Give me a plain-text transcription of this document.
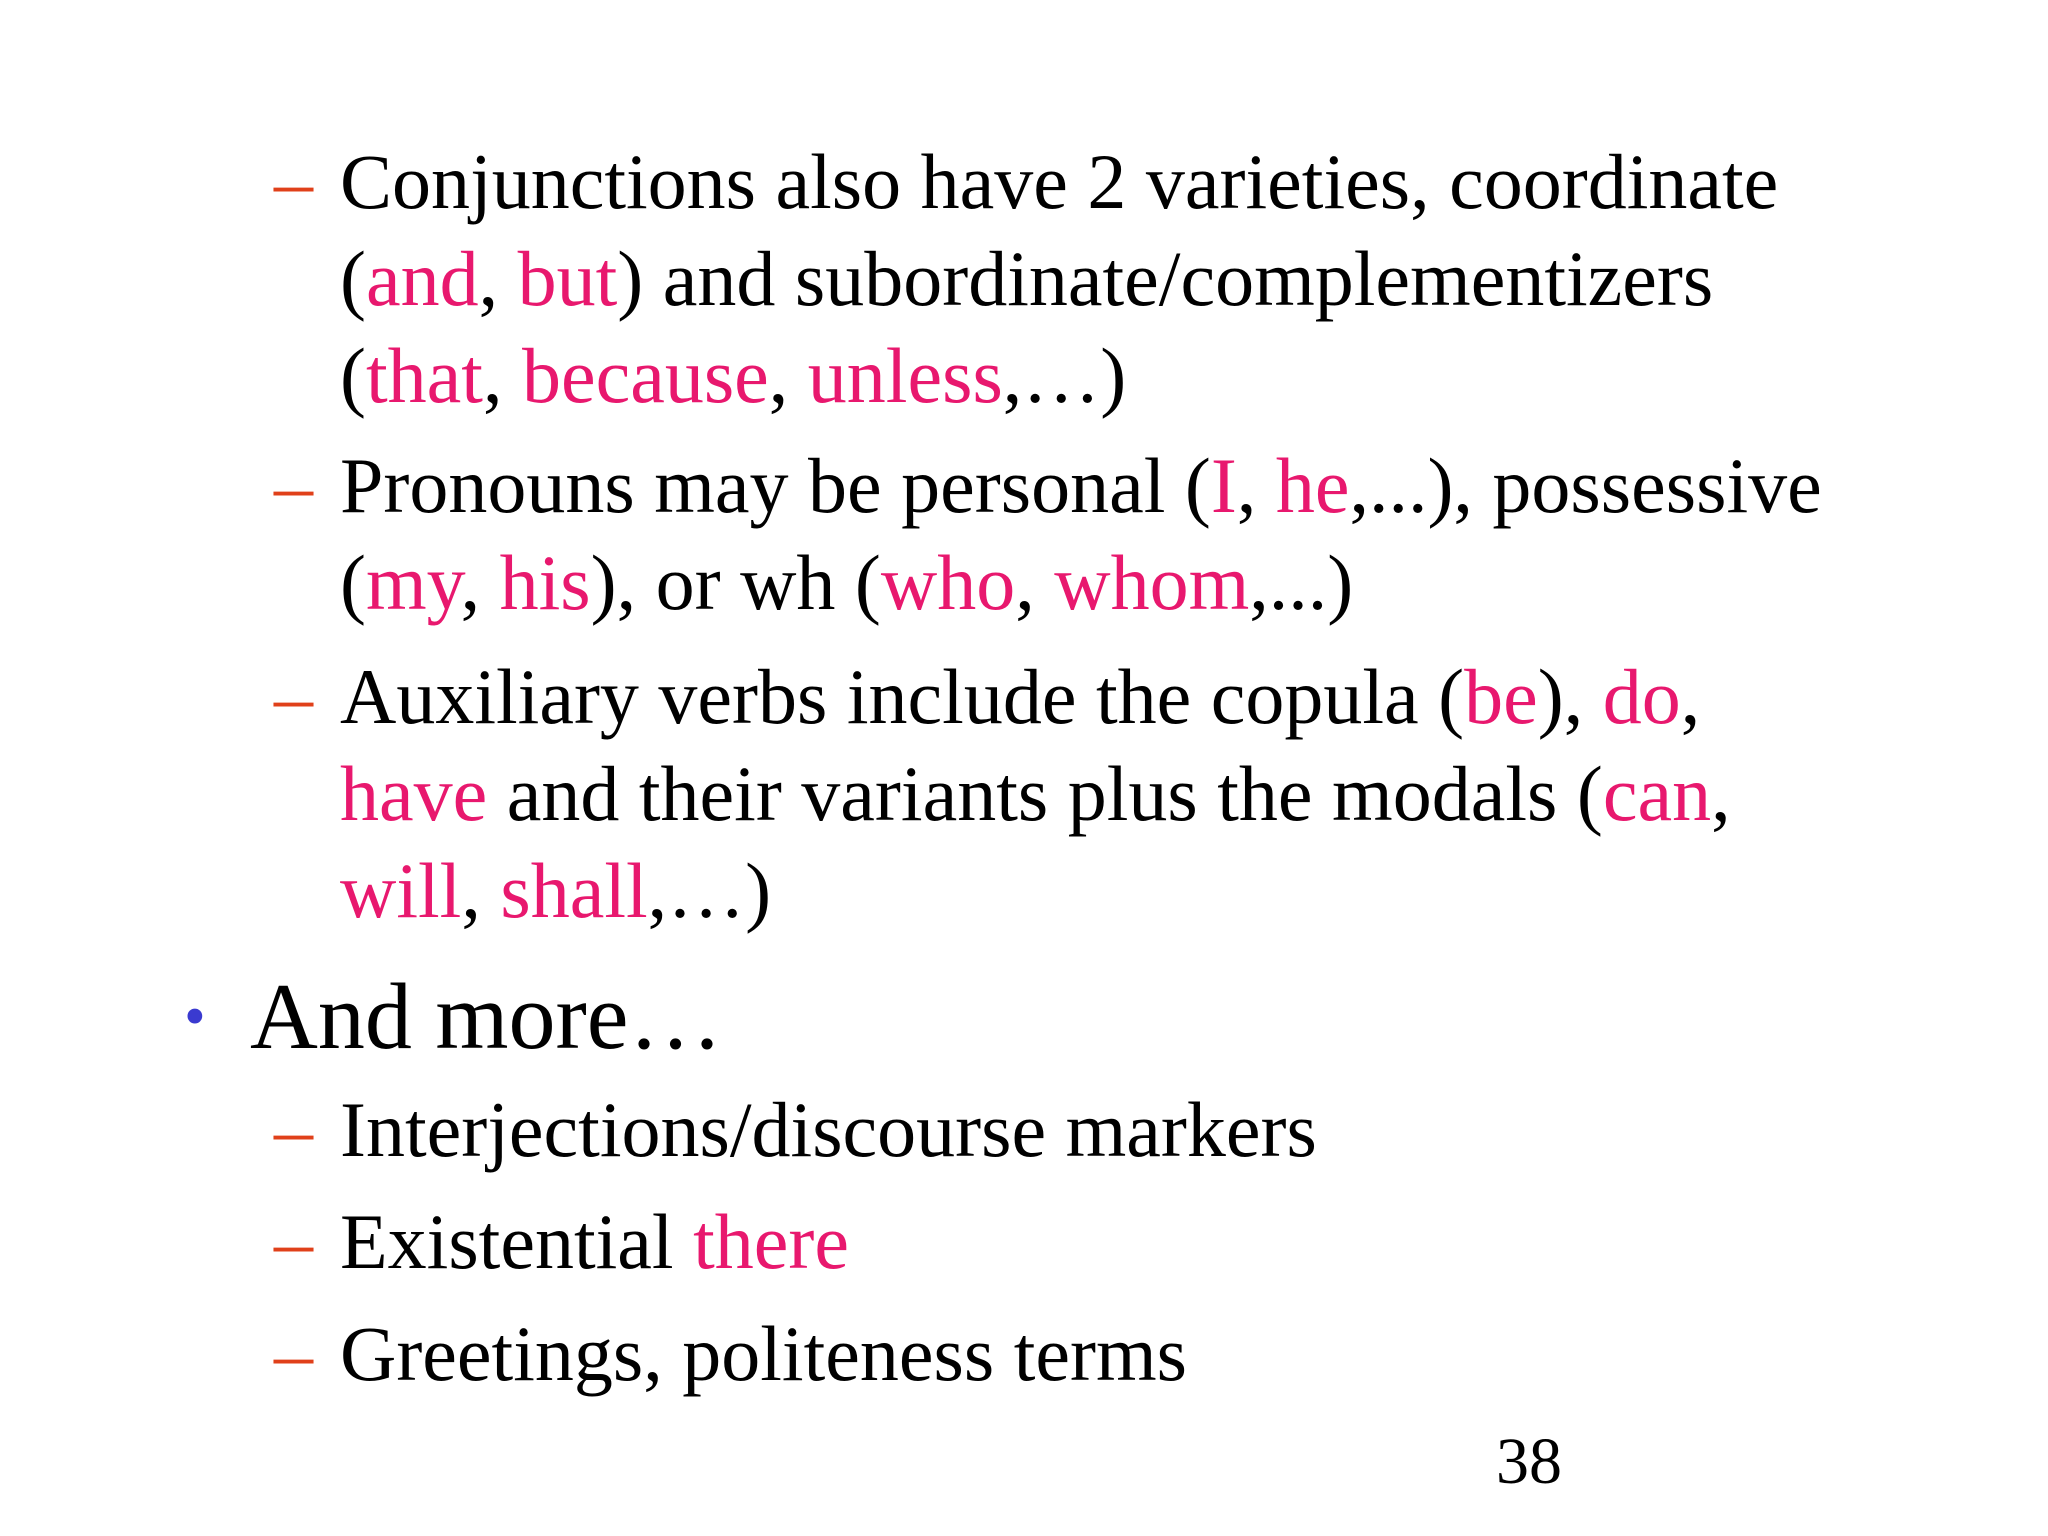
– Conjunctions also have 2 varieties, coordinate
(and, but) and subordinate/complementizers
(that, because, unless,…)
– Pronouns may be personal (I, he,...), possessive
(my, his), or wh (who, whom,...)
– Auxiliary verbs include the copula (be), do,
have and their variants plus the modals (can,
will, shall,…)
• And more…
– Interjections/discourse markers
– Existential there
– Greetings, politeness terms
38
